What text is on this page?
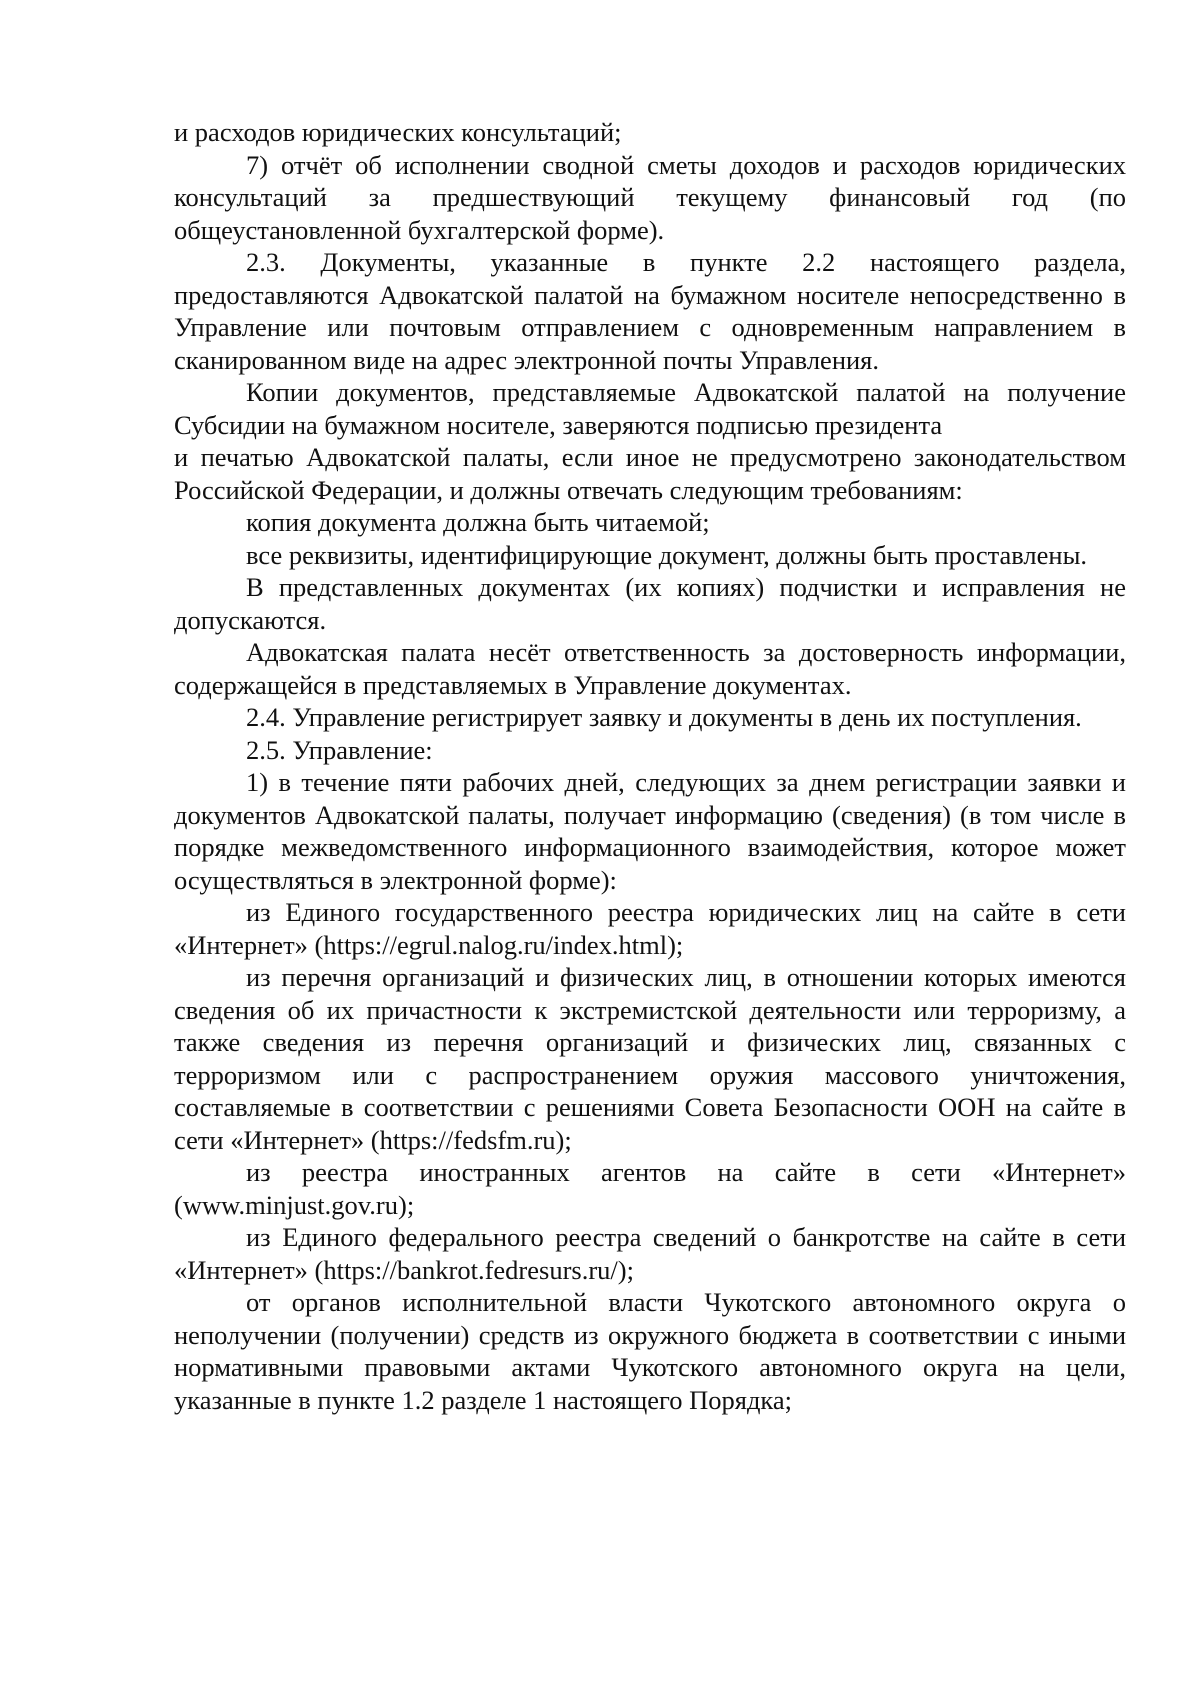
и расходов юридических консультаций;

7) отчёт об исполнении сводной сметы доходов и расходов юридических консультаций за предшествующий текущему финансовый год (по общеустановленной бухгалтерской форме).

2.3. Документы, указанные в пункте 2.2 настоящего раздела, предоставляются Адвокатской палатой на бумажном носителе непосредственно в Управление или почтовым отправлением с одновременным направлением в сканированном виде на адрес электронной почты Управления.

Копии документов, представляемые Адвокатской палатой на получение Субсидии на бумажном носителе, заверяются подписью президента

и печатью Адвокатской палаты, если иное не предусмотрено законодательством Российской Федерации, и должны отвечать следующим требованиям:

копия документа должна быть читаемой;

все реквизиты, идентифицирующие документ, должны быть проставлены.

В представленных документах (их копиях) подчистки и исправления не допускаются.

Адвокатская палата несёт ответственность за достоверность информации, содержащейся в представляемых в Управление документах.

2.4. Управление регистрирует заявку и документы в день их поступления.

2.5. Управление:

1) в течение пяти рабочих дней, следующих за днем регистрации заявки и документов Адвокатской палаты, получает информацию (сведения) (в том числе в порядке межведомственного информационного взаимодействия, которое может осуществляться в электронной форме):

из Единого государственного реестра юридических лиц на сайте в сети «Интернет» (https://egrul.nalog.ru/index.html);

из перечня организаций и физических лиц, в отношении которых имеются сведения об их причастности к экстремистской деятельности или терроризму, а также сведения из перечня организаций и физических лиц, связанных с терроризмом или с распространением оружия массового уничтожения, составляемые в соответствии с решениями Совета Безопасности ООН на сайте в сети «Интернет» (https://fedsfm.ru);

из реестра иностранных агентов на сайте в сети «Интернет» (www.minjust.gov.ru);

из Единого федерального реестра сведений о банкротстве на сайте в сети «Интернет» (https://bankrot.fedresurs.ru/);

от органов исполнительной власти Чукотского автономного округа о неполучении (получении) средств из окружного бюджета в соответствии с иными нормативными правовыми актами Чукотского автономного округа на цели, указанные в пункте 1.2 разделе 1 настоящего Порядка;
